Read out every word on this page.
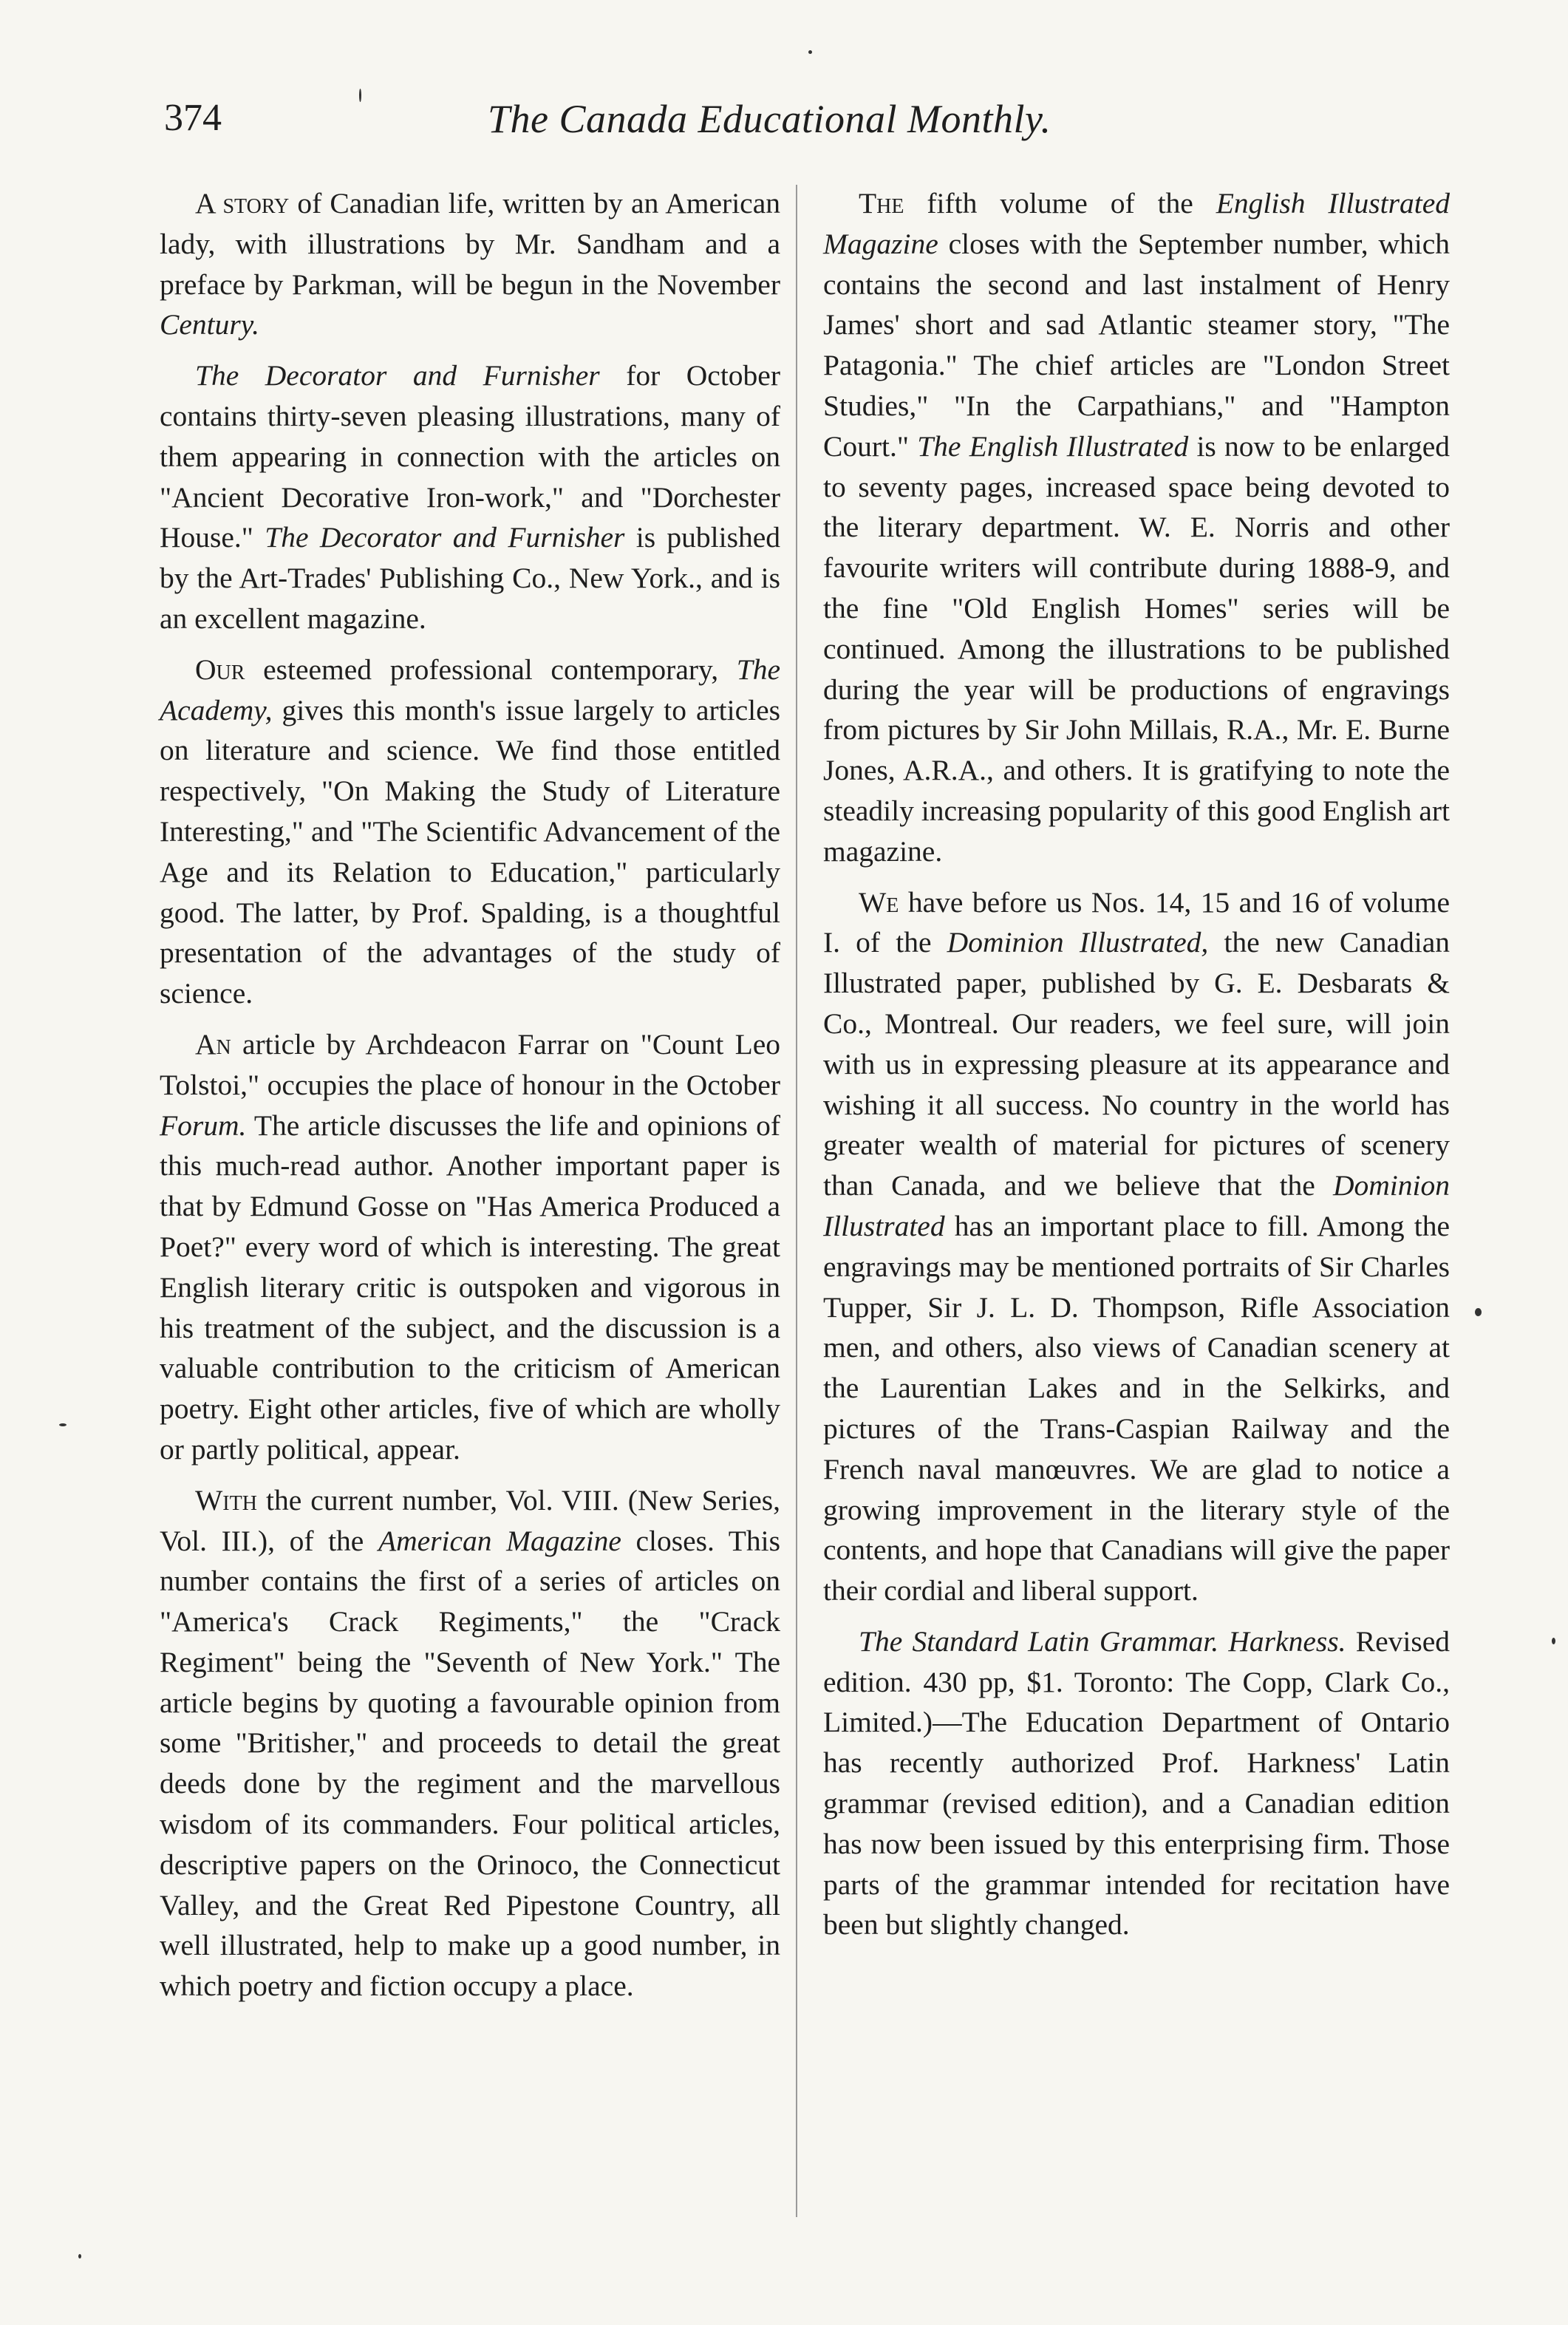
374	The Canada Educational Monthly.

A story of Canadian life, written by an American lady, with illustrations by Mr. Sandham and a preface by Parkman, will be begun in the November Century.

The Decorator and Furnisher for October contains thirty-seven pleasing illustrations, many of them appearing in connection with the articles on "Ancient Decorative Iron-work," and "Dorchester House." The Decorator and Furnisher is published by the Art-Trades' Publishing Co., New York., and is an excellent magazine.

Our esteemed professional contemporary, The Academy, gives this month's issue largely to articles on literature and science. We find those entitled respectively, "On Making the Study of Literature Interesting," and "The Scientific Advancement of the Age and its Relation to Education," particularly good. The latter, by Prof. Spalding, is a thoughtful presentation of the advantages of the study of science.

An article by Archdeacon Farrar on "Count Leo Tolstoi," occupies the place of honour in the October Forum. The article discusses the life and opinions of this much-read author. Another important paper is that by Edmund Gosse on "Has America Produced a Poet?" every word of which is interesting. The great English literary critic is outspoken and vigorous in his treatment of the subject, and the discussion is a valuable contribution to the criticism of American poetry. Eight other articles, five of which are wholly or partly political, appear.

With the current number, Vol. VIII. (New Series, Vol. III.), of the American Magazine closes. This number contains the first of a series of articles on "America's Crack Regiments," the "Crack Regiment" being the "Seventh of New York." The article begins by quoting a favourable opinion from some "Britisher," and proceeds to detail the great deeds done by the regiment and the marvellous wisdom of its commanders. Four political articles, descriptive papers on the Orinoco, the Connecticut Valley, and the Great Red Pipestone Country, all well illustrated, help to make up a good number, in which poetry and fiction occupy a place.

The fifth volume of the English Illustrated Magazine closes with the September number, which contains the second and last instalment of Henry James' short and sad Atlantic steamer story, "The Patagonia." The chief articles are "London Street Studies," "In the Carpathians," and "Hampton Court." The English Illustrated is now to be enlarged to seventy pages, increased space being devoted to the literary department. W. E. Norris and other favourite writers will contribute during 1888-9, and the fine "Old English Homes" series will be continued. Among the illustrations to be published during the year will be productions of engravings from pictures by Sir John Millais, R.A., Mr. E. Burne Jones, A.R.A., and others. It is gratifying to note the steadily increasing popularity of this good English art magazine.

We have before us Nos. 14, 15 and 16 of volume I. of the Dominion Illustrated, the new Canadian Illustrated paper, published by G. E. Desbarats & Co., Montreal. Our readers, we feel sure, will join with us in expressing pleasure at its appearance and wishing it all success. No country in the world has greater wealth of material for pictures of scenery than Canada, and we believe that the Dominion Illustrated has an important place to fill. Among the engravings may be mentioned portraits of Sir Charles Tupper, Sir J. L. D. Thompson, Rifle Association men, and others, also views of Canadian scenery at the Laurentian Lakes and in the Selkirks, and pictures of the Trans-Caspian Railway and the French naval manœuvres. We are glad to notice a growing improvement in the literary style of the contents, and hope that Canadians will give the paper their cordial and liberal support.

The Standard Latin Grammar. Harkness. Revised edition. 430 pp, $1. Toronto: The Copp, Clark Co., Limited.)—The Education Department of Ontario has recently authorized Prof. Harkness' Latin grammar (revised edition), and a Canadian edition has now been issued by this enterprising firm. Those parts of the grammar intended for recitation have been but slightly changed.
